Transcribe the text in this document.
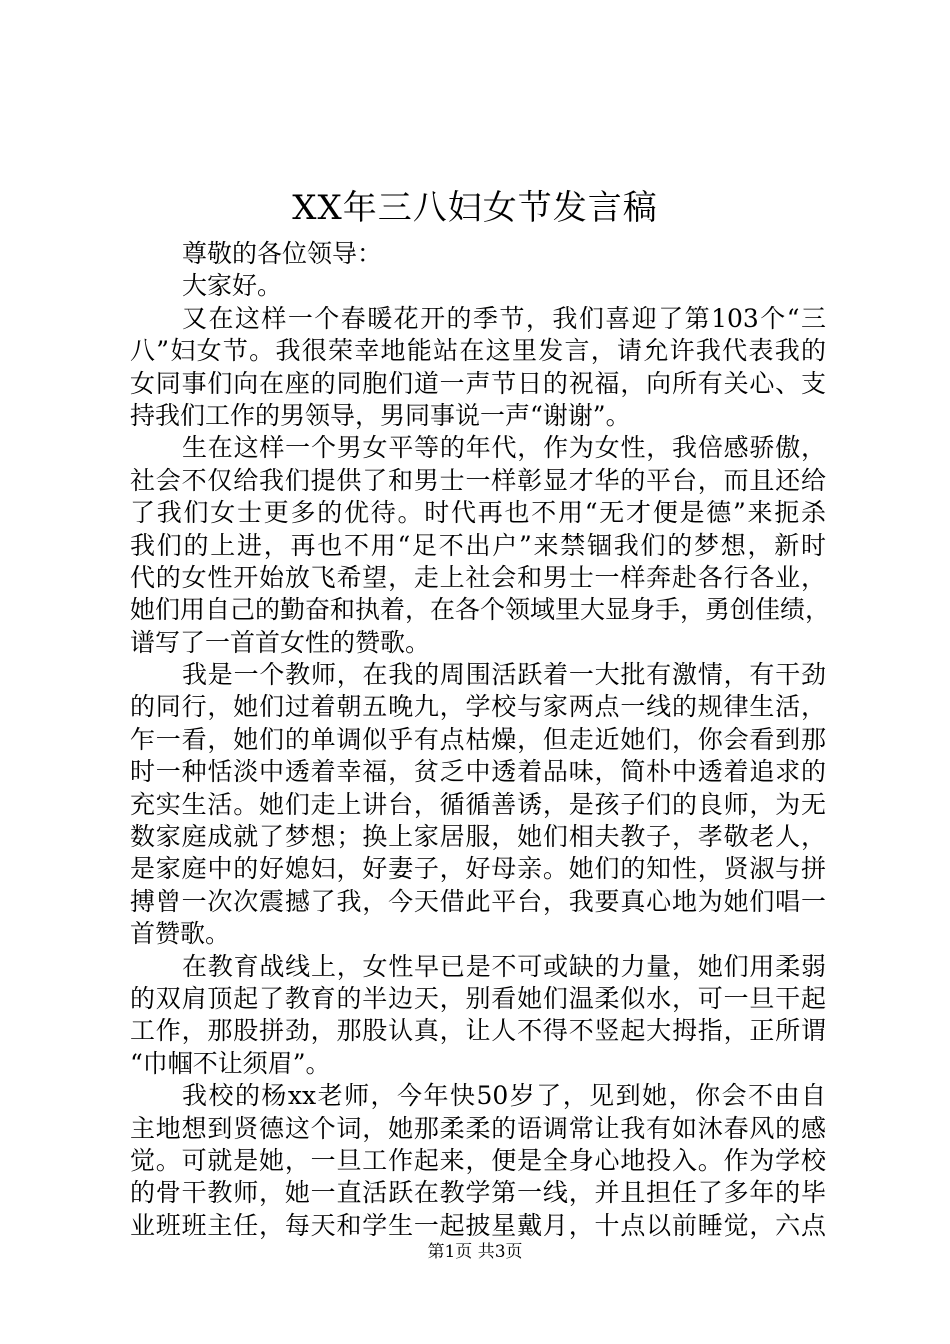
XX年三八妇女节发言稿
尊敬的各位领导：
大家好。
又在这样一个春暖花开的季节，我们喜迎了第103个“三
八”妇女节。我很荣幸地能站在这里发言，请允许我代表我的
女同事们向在座的同胞们道一声节日的祝福，向所有关心、支
持我们工作的男领导，男同事说一声“谢谢”。
生在这样一个男女平等的年代，作为女性，我倍感骄傲，
社会不仅给我们提供了和男士一样彰显才华的平台，而且还给
了我们女士更多的优待。时代再也不用“无才便是德”来扼杀
我们的上进，再也不用“足不出户”来禁锢我们的梦想，新时
代的女性开始放飞希望，走上社会和男士一样奔赴各行各业，
她们用自己的勤奋和执着，在各个领域里大显身手，勇创佳绩，
谱写了一首首女性的赞歌。
我是一个教师，在我的周围活跃着一大批有激情，有干劲
的同行，她们过着朝五晚九，学校与家两点一线的规律生活，
乍一看，她们的单调似乎有点枯燥，但走近她们，你会看到那
时一种恬淡中透着幸福，贫乏中透着品味，简朴中透着追求的
充实生活。她们走上讲台，循循善诱，是孩子们的良师，为无
数家庭成就了梦想；换上家居服，她们相夫教子，孝敬老人，
是家庭中的好媳妇，好妻子，好母亲。她们的知性，贤淑与拼
搏曾一次次震撼了我，今天借此平台，我要真心地为她们唱一
首赞歌。
在教育战线上，女性早已是不可或缺的力量，她们用柔弱
的双肩顶起了教育的半边天，别看她们温柔似水，可一旦干起
工作，那股拼劲，那股认真，让人不得不竖起大拇指，正所谓
“巾帼不让须眉”。
我校的杨xx老师，今年快50岁了，见到她，你会不由自
主地想到贤德这个词，她那柔柔的语调常让我有如沐春风的感
觉。可就是她，一旦工作起来，便是全身心地投入。作为学校
的骨干教师，她一直活跃在教学第一线，并且担任了多年的毕
业班班主任，每天和学生一起披星戴月，十点以前睡觉，六点
第1页 共3页
